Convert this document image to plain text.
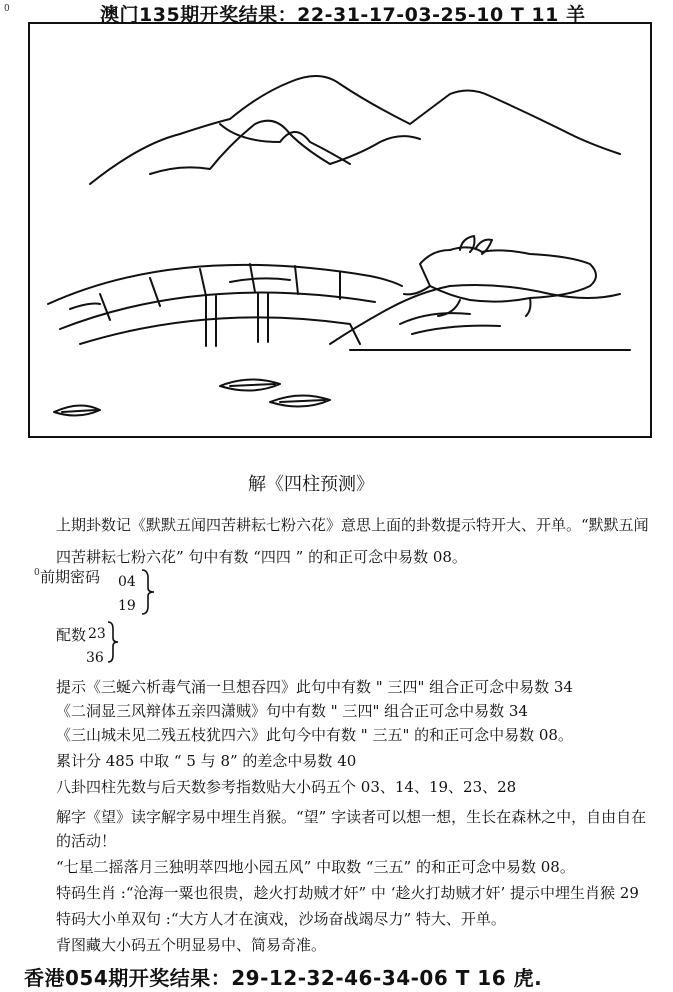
0	澳门135期开奖结果：22-31-17-03-25-10 T 11 羊
解《四柱预测》
上期卦数记《默默五闻四苦耕耘七粉六花》意思上面的卦数提示特开大、开单。“默默五闻
四苦耕耘七粉六花” 句中有数 “四四 ” 的和正可念中易数 08。
0 前期密码 04
19
配数 23
36
提示《三蜒六析毒气涌一旦想吞四》此句中有数 " 三四" 组合正可念中易数 34
《二洞显三风辩体五亲四潇贼》句中有数 " 三四" 组合正可念中易数 34
《三山城未见二残五枝犹四六》此句今中有数 " 三五" 的和正可念中易数 08。
累计分 485 中取 “ 5 与 8” 的差念中易数 40
八卦四柱先数与后天数参考指数贴大小码五个 03、14、19、23、28
解字《望》读字解字易中埋生肖猴。“望” 字读者可以想一想，生长在森林之中，自由自在
的活动！
“七星二摇落月三独明萃四地小园五风” 中取数 “三五” 的和正可念中易数 08。
特码生肖 :“沧海一粟也很贵，趁火打劫贼才奸” 中 ‘趁火打劫贼才奸’ 提示中埋生肖猴 29
特码大小单双句 :“大方人才在演戏，沙场奋战竭尽力” 特大、开单。
背图藏大小码五个明显易中、简易奇准。
香港054期开奖结果：29-12-32-46-34-06 T 16 虎.
